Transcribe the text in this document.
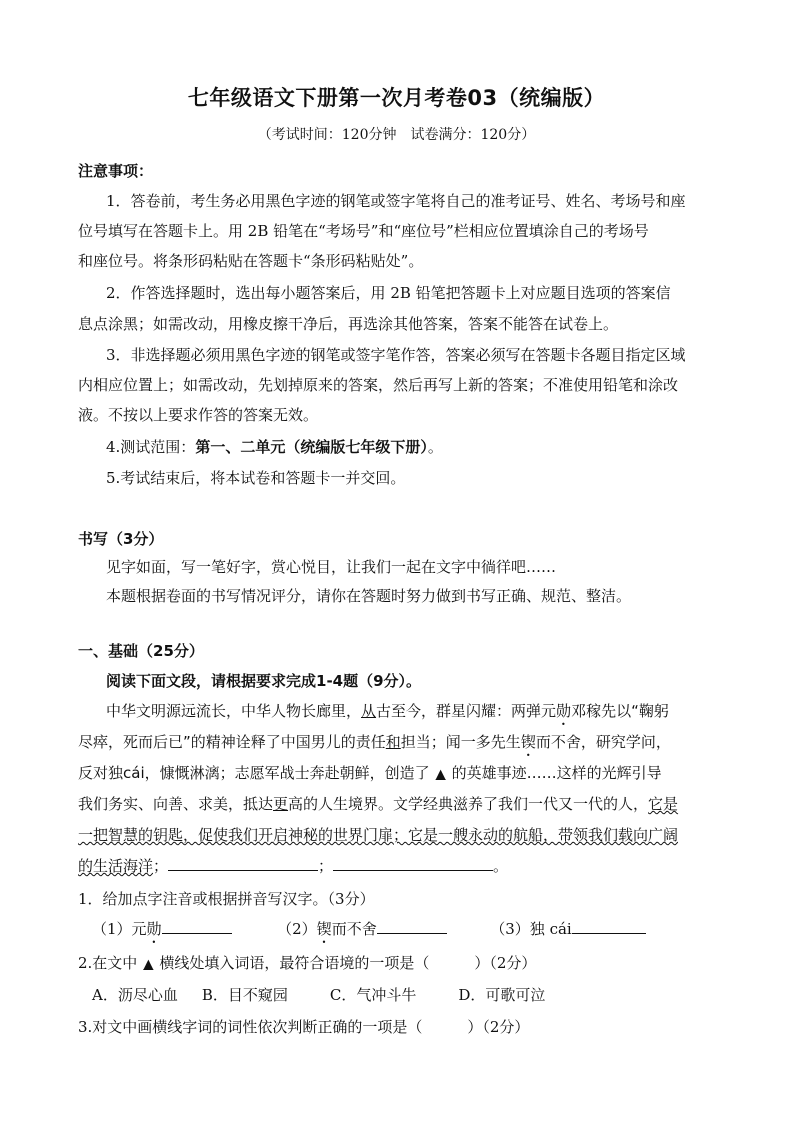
七年级语文下册第一次月考卷03（统编版）
（考试时间：120分钟　试卷满分：120分）
注意事项：
1．答卷前，考生务必用黑色字迹的钢笔或签字笔将自己的准考证号、姓名、考场号和座
位号填写在答题卡上。用 2B 铅笔在“考场号”和“座位号”栏相应位置填涂自己的考场号
和座位号。将条形码粘贴在答题卡“条形码粘贴处”。
2．作答选择题时，选出每小题答案后，用 2B 铅笔把答题卡上对应题目选项的答案信
息点涂黑；如需改动，用橡皮擦干净后，再选涂其他答案，答案不能答在试卷上。
3．非选择题必须用黑色字迹的钢笔或签字笔作答，答案必须写在答题卡各题目指定区域
内相应位置上；如需改动，先划掉原来的答案，然后再写上新的答案；不准使用铅笔和涂改
液。不按以上要求作答的答案无效。
4.测试范围：第一、二单元（统编版七年级下册）。
5.考试结束后，将本试卷和答题卡一并交回。
书写（3分）
见字如面，写一笔好字，赏心悦目，让我们一起在文字中徜徉吧……
本题根据卷面的书写情况评分，请你在答题时努力做到书写正确、规范、整洁。
一、基础（25分）
阅读下面文段，请根据要求完成1-4题（9分）。
中华文明源远流长，中华人物长廊里，从古至今，群星闪耀：两弹元勋邓稼先以“鞠躬
尽瘁，死而后已”的精神诠释了中国男儿的责任和担当；闻一多先生锲而不舍，研究学问，
反对独cái，慷慨淋漓；志愿军战士奔赴朝鲜，创造了 ▲ 的英雄事迹……这样的光辉引导
我们务实、向善、求美，抵达更高的人生境界。文学经典滋养了我们一代又一代的人，它是
一把智慧的钥匙，促使我们开启神秘的世界门扉；它是一艘永动的航船，带领我们载向广阔
的生活海洋；	；	。
1．给加点字注音或根据拼音写汉字。（3分）
（1）元勋	（2）锲而不舍	（3）独 cái
2.在文中 ▲ 横线处填入词语，最符合语境的一项是（　　　）（2分）
A．沥尽心血 B．目不窥园	C．气冲斗牛	D．可歌可泣
3.对文中画横线字词的词性依次判断正确的一项是（　　　）（2分）
